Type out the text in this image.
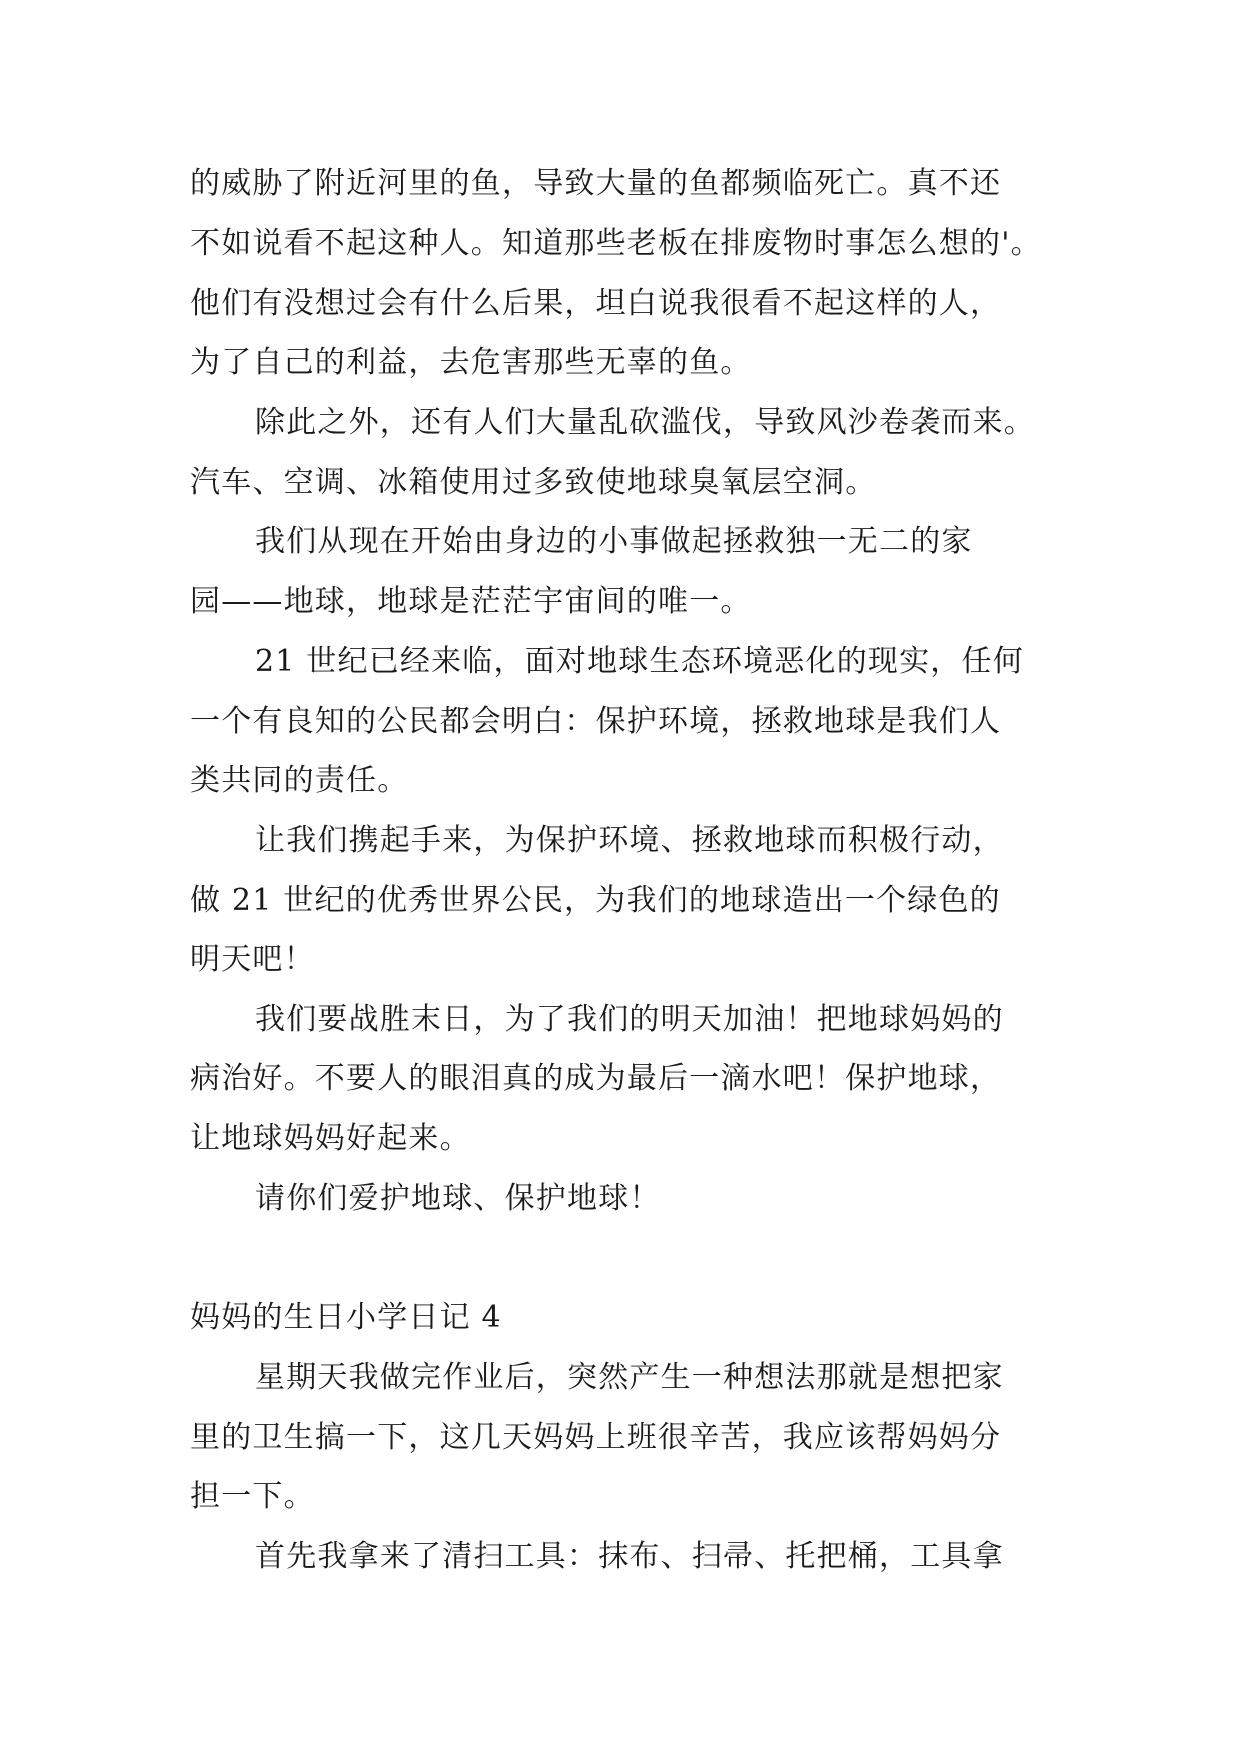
的威胁了附近河里的鱼，导致大量的鱼都频临死亡。真不还

不如说看不起这种人。知道那些老板在排废物时事怎么想的'。

他们有没想过会有什么后果，坦白说我很看不起这样的人，

为了自己的利益，去危害那些无辜的鱼。

除此之外，还有人们大量乱砍滥伐，导致风沙卷袭而来。

汽车、空调、冰箱使用过多致使地球臭氧层空洞。

我们从现在开始由身边的小事做起拯救独一无二的家

园——地球，地球是茫茫宇宙间的唯一。

21 世纪已经来临，面对地球生态环境恶化的现实，任何

一个有良知的公民都会明白：保护环境，拯救地球是我们人

类共同的责任。

让我们携起手来，为保护环境、拯救地球而积极行动，

做 21 世纪的优秀世界公民，为我们的地球造出一个绿色的

明天吧！

我们要战胜末日，为了我们的明天加油！把地球妈妈的

病治好。不要人的眼泪真的成为最后一滴水吧！保护地球，

让地球妈妈好起来。

请你们爱护地球、保护地球！

妈妈的生日小学日记 4

星期天我做完作业后，突然产生一种想法那就是想把家

里的卫生搞一下，这几天妈妈上班很辛苦，我应该帮妈妈分

担一下。

首先我拿来了清扫工具：抹布、扫帚、托把桶，工具拿
